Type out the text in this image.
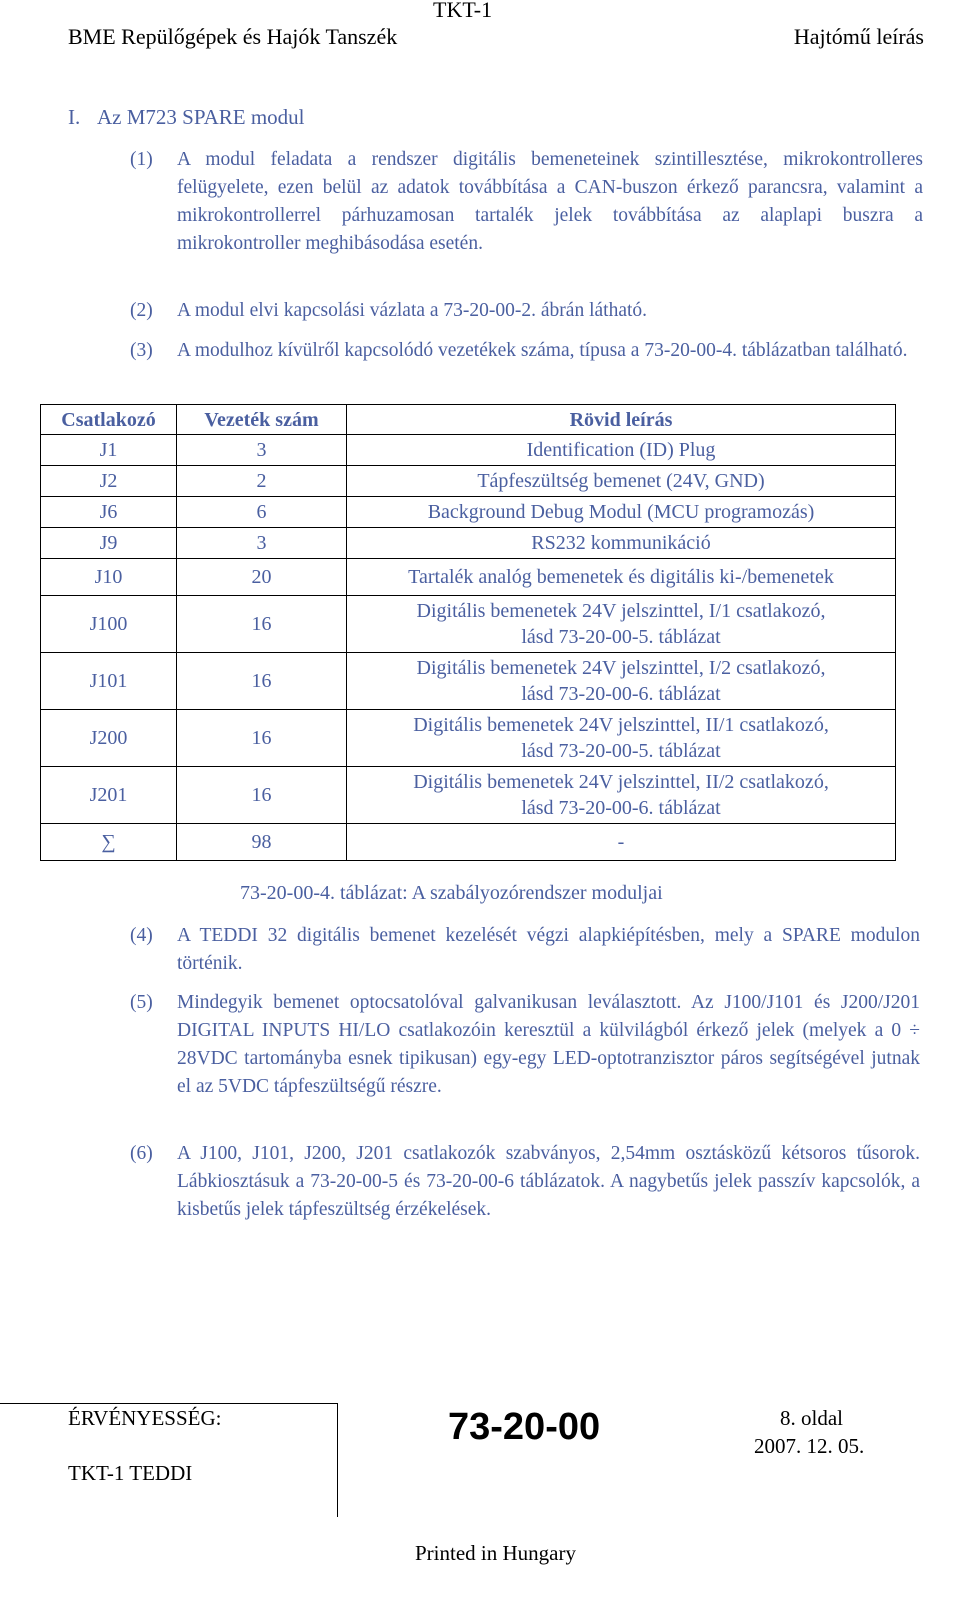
TKT-1
BME Repülőgépek és Hajók Tanszék	Hajtómű leírás
I. Az M723 SPARE modul
(1) A modul feladata a rendszer digitális bemeneteinek szintillesztése, mikrokontrolleres felügyelete, ezen belül az adatok továbbítása a CAN-buszon érkező parancsra, valamint a mikrokontrollerrel párhuzamosan tartalék jelek továbbítása az alaplapi buszra a mikrokontroller meghibásodása esetén.
(2) A modul elvi kapcsolási vázlata a 73-20-00-2. ábrán látható.
(3) A modulhoz kívülről kapcsolódó vezetékek száma, típusa a 73-20-00-4. táblázatban található.
Csatlakozó	Vezeték szám	Rövid leírás
J1	3	Identification (ID) Plug
J2	2	Tápfeszültség bemenet (24V, GND)
J6	6	Background Debug Modul (MCU programozás)
J9	3	RS232 kommunikáció
J10	20	Tartalék analóg bemenetek és digitális ki-/bemenetek
J100	16	Digitális bemenetek 24V jelszinttel, I/1 csatlakozó,
lásd 73-20-00-5. táblázat
J101	16	Digitális bemenetek 24V jelszinttel, I/2 csatlakozó,
lásd 73-20-00-6. táblázat
J200	16	Digitális bemenetek 24V jelszinttel, II/1 csatlakozó,
lásd 73-20-00-5. táblázat
J201	16	Digitális bemenetek 24V jelszinttel, II/2 csatlakozó,
lásd 73-20-00-6. táblázat
∑	98	-
73-20-00-4. táblázat: A szabályozórendszer moduljai
(4) A TEDDI 32 digitális bemenet kezelését végzi alapkiépítésben, mely a SPARE modulon történik.
(5) Mindegyik bemenet optocsatolóval galvanikusan leválasztott. Az J100/J101 és J200/J201 DIGITAL INPUTS HI/LO csatlakozóin keresztül a külvilágból érkező jelek (melyek a 0 ÷ 28VDC tartományba esnek tipikusan) egy-egy LED-optotranzisztor páros segítségével jutnak el az 5VDC tápfeszültségű részre.
(6) A J100, J101, J200, J201 csatlakozók szabványos, 2,54mm osztásközű kétsoros tűsorok. Lábkiosztásuk a 73-20-00-5 és 73-20-00-6 táblázatok. A nagybetűs jelek passzív kapcsolók, a kisbetűs jelek tápfeszültség érzékelések.
ÉRVÉNYESSÉG:
TKT-1 TEDDI
73-20-00	8. oldal
2007. 12. 05.
Printed in Hungary
